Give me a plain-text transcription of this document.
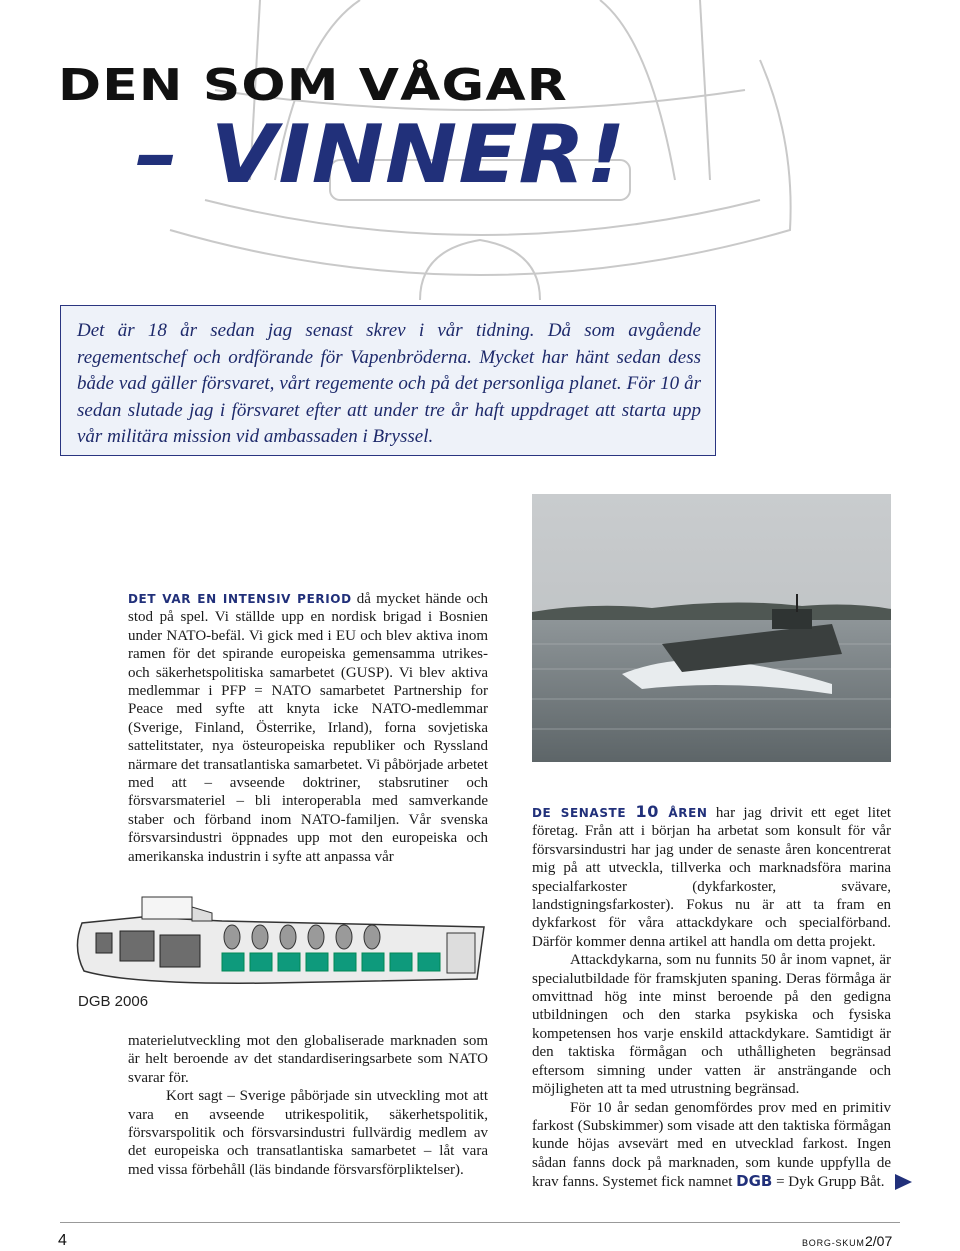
DEN SOM VÅGAR
– VINNER!

Det är 18 år sedan jag senast skrev i vår tidning. Då som avgående regementschef och ordförande för Vapenbröderna. Mycket har hänt sedan dess både vad gäller försvaret, vårt regemente och på det personliga planet. För 10 år sedan slutade jag i försvaret efter att under tre år haft uppdraget att starta upp vår militära mission vid ambassaden i Bryssel.

DET VAR EN INTENSIV PERIOD då mycket hände och stod på spel. Vi ställde upp en nordisk brigad i Bosnien under NATO-befäl. Vi gick med i EU och blev aktiva inom ramen för det spirande europeiska gemensamma utrikes- och säkerhetspolitiska samarbetet (GUSP). Vi blev aktiva medlemmar i PFP = NATO samarbetet Partnership for Peace med syfte att knyta icke NATO-medlemmar (Sverige, Finland, Österrike, Irland), forna sovjetiska sattelitstater, nya östeuropeiska republiker och Ryssland närmare det transatlantiska samarbetet. Vi påbörjade arbetet med att – avseende doktriner, stabsrutiner och försvarsmateriel – bli interoperabla med samverkande staber och förband inom NATO-familjen. Vår svenska försvarsindustri öppnades upp mot den europeiska och amerikanska industrin i syfte att anpassa vår

DGB 2006

materielutveckling mot den globaliserade marknaden som är helt beroende av det standardiseringsarbete som NATO svarar för.

Kort sagt – Sverige påbörjade sin utveckling mot att vara en avseende utrikespolitik, säkerhetspolitik, försvarspolitik och försvarsindustri fullvärdig medlem av det europeiska och transatlantiska samarbetet – låt vara med vissa förbehåll (läs bindande försvarsförpliktelser).

DE SENASTE 10 ÅREN har jag drivit ett eget litet företag. Från att i början ha arbetat som konsult för vår försvarsindustri har jag under de senaste åren koncentrerat mig på att utveckla, tillverka och marknadsföra marina specialfarkoster (dykfarkoster, svävare, landstigningsfarkoster). Fokus nu är att ta fram en dykfarkost för våra attackdykare och specialförband. Därför kommer denna artikel att handla om detta projekt.

Attackdykarna, som nu funnits 50 år inom vapnet, är specialutbildade för framskjuten spaning. Deras förmåga är omvittnad hög inte minst beroende på den gedigna utbildningen och den starka psykiska och fysiska kompetensen hos varje enskild attackdykare. Samtidigt är den taktiska förmågan och uthålligheten begränsad eftersom simning under vatten är ansträngande och möjligheten att ta med utrustning begränsad.

För 10 år sedan genomfördes prov med en primitiv farkost (Subskimmer) som visade att den taktiska förmågan kunde höjas avsevärt med en utvecklad farkost. Ingen sådan fanns dock på marknaden, som kunde uppfylla de krav fanns. Systemet fick namnet DGB = Dyk Grupp Båt.

4	BORG-SKUM 2/07
